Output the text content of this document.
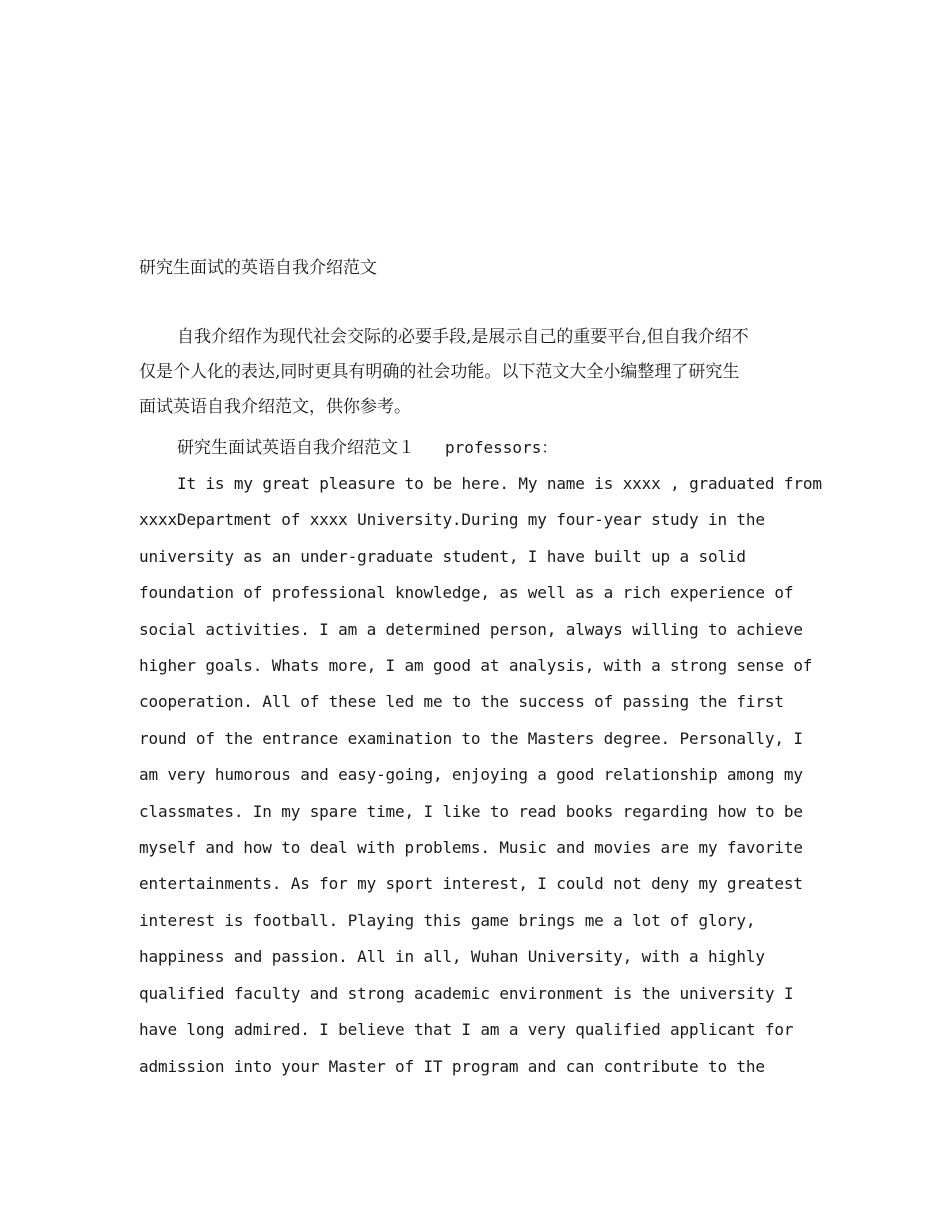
研究生面试的英语自我介绍范文
自我介绍作为现代社会交际的必要手段,是展示自己的重要平台,但自我介绍不
仅是个人化的表达,同时更具有明确的社会功能。以下范文大全小编整理了研究生
面试英语自我介绍范文，供你参考。

研究生面试英语自我介绍范文１ professors：

It is my great pleasure to be here. My name is xxxx , graduated from
xxxxDepartment of xxxx University.During my four-year study in the
university as an under-graduate student, I have built up a solid
foundation of professional knowledge, as well as a rich experience of
social activities. I am a determined person, always willing to achieve
higher goals. Whats more, I am good at analysis, with a strong sense of
cooperation. All of these led me to the success of passing the first
round of the entrance examination to the Masters degree. Personally, I
am very humorous and easy-going, enjoying a good relationship among my
classmates. In my spare time, I like to read books regarding how to be
myself and how to deal with problems. Music and movies are my favorite
entertainments. As for my sport interest, I could not deny my greatest
interest is football. Playing this game brings me a lot of glory,
happiness and passion. All in all, Wuhan University, with a highly
qualified faculty and strong academic environment is the university I
have long admired. I believe that I am a very qualified applicant for
admission into your Master of IT program and can contribute to the
